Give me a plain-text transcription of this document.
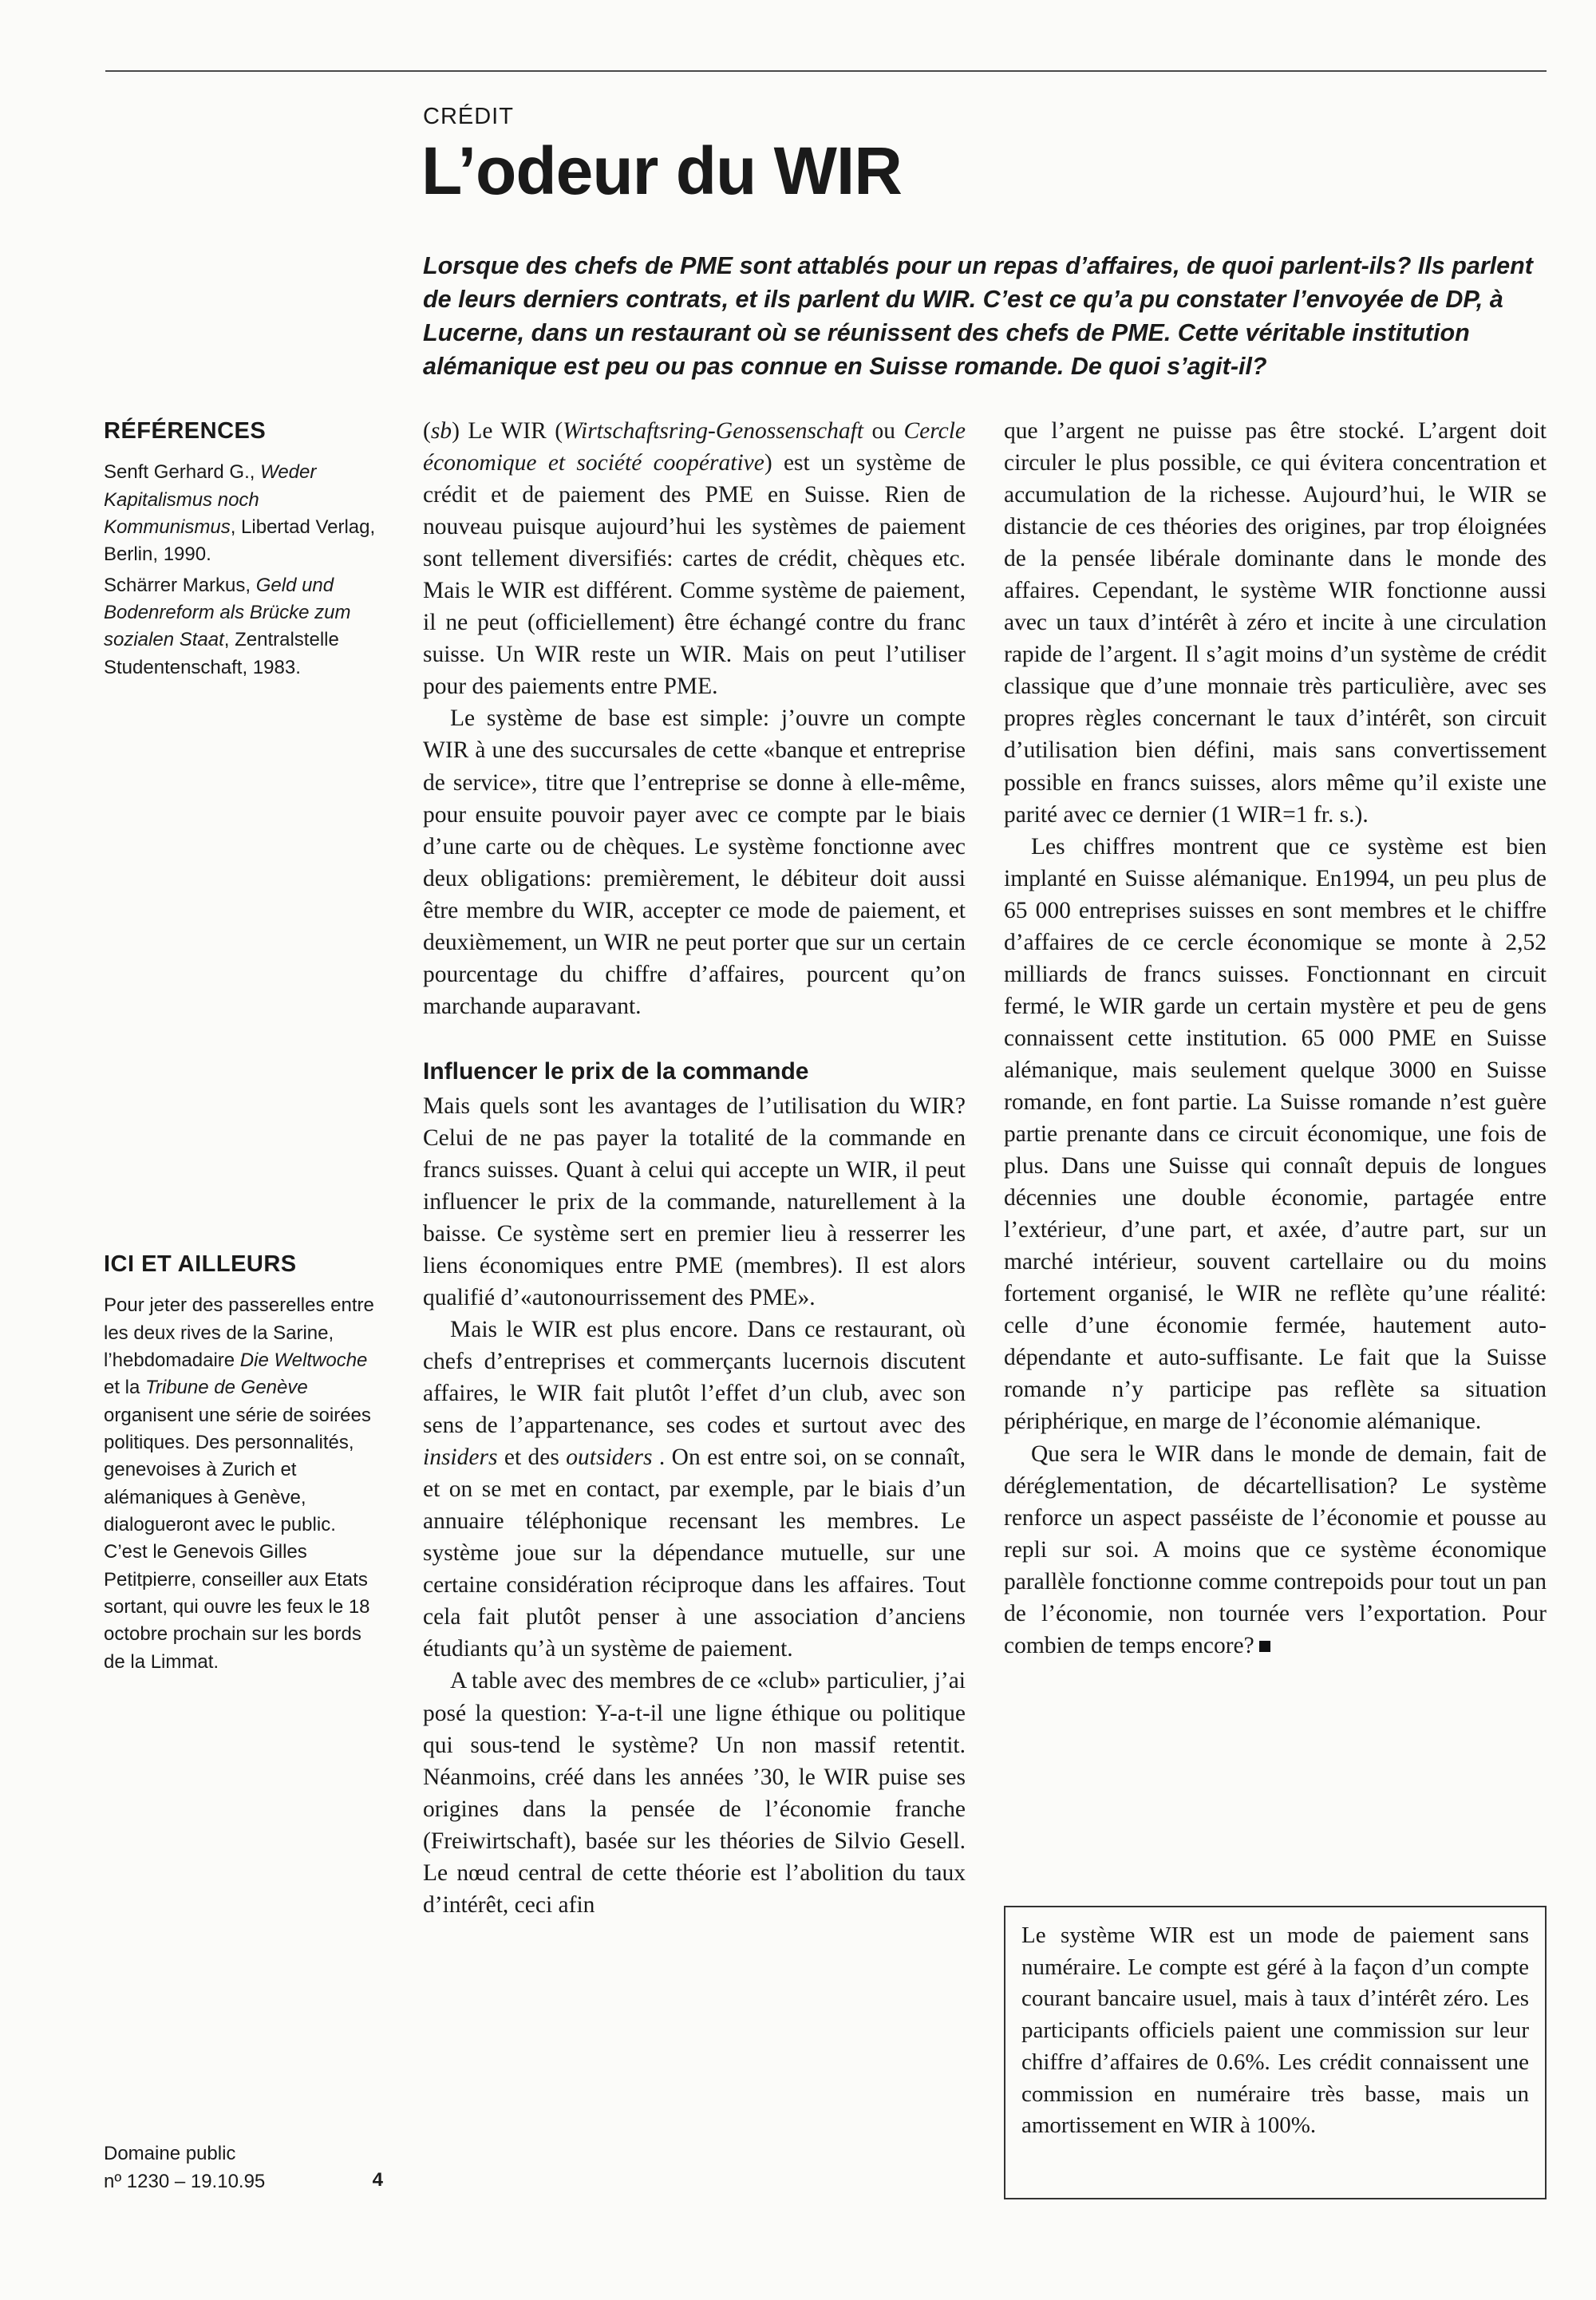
CRÉDIT
L’odeur du WIR

Lorsque des chefs de PME sont attablés pour un repas d’affaires, de quoi parlent-ils? Ils parlent de leurs derniers contrats, et ils parlent du WIR. C’est ce qu’a pu constater l’envoyée de DP, à Lucerne, dans un restaurant où se réunissent des chefs de PME. Cette véritable institution alémanique est peu ou pas connue en Suisse romande. De quoi s’agit-il?

RÉFÉRENCES

Senft Gerhard G., Weder Kapitalismus noch Kommunismus, Libertad Verlag, Berlin, 1990.

Schärrer Markus, Geld und Bodenreform als Brücke zum sozialen Staat, Zentralstelle Studentenschaft, 1983.

ICI ET AILLEURS

Pour jeter des passerelles entre les deux rives de la Sarine, l’hebdomadaire Die Weltwoche et la Tribune de Genève organisent une série de soirées politiques. Des personnalités, genevoises à Zurich et alémaniques à Genève, dialogueront avec le public. C’est le Genevois Gilles Petitpierre, conseiller aux Etats sortant, qui ouvre les feux le 18 octobre prochain sur les bords de la Limmat.

Domaine public
nº 1230 – 19.10.95	4

(sb) Le WIR (Wirtschaftsring-Genossenschaft ou Cercle économique et société coopérative) est un système de crédit et de paiement des PME en Suisse. Rien de nouveau puisque aujourd’hui les systèmes de paiement sont tellement diversifiés: cartes de crédit, chèques etc. Mais le WIR est différent. Comme système de paiement, il ne peut (officiellement) être échangé contre du franc suisse. Un WIR reste un WIR. Mais on peut l’utiliser pour des paiements entre PME.

Le système de base est simple: j’ouvre un compte WIR à une des succursales de cette «banque et entreprise de service», titre que l’entreprise se donne à elle-même, pour ensuite pouvoir payer avec ce compte par le biais d’une carte ou de chèques. Le système fonctionne avec deux obligations: premièrement, le débiteur doit aussi être membre du WIR, accepter ce mode de paiement, et deuxièmement, un WIR ne peut porter que sur un certain pourcentage du chiffre d’affaires, pourcent qu’on marchande auparavant.

Influencer le prix de la commande

Mais quels sont les avantages de l’utilisation du WIR? Celui de ne pas payer la totalité de la commande en francs suisses. Quant à celui qui accepte un WIR, il peut influencer le prix de la commande, naturellement à la baisse. Ce système sert en premier lieu à resserrer les liens économiques entre PME (membres). Il est alors qualifié d’«autonourrissement des PME».

Mais le WIR est plus encore. Dans ce restaurant, où chefs d’entreprises et commerçants lucernois discutent affaires, le WIR fait plutôt l’effet d’un club, avec son sens de l’appartenance, ses codes et surtout avec des insiders et des outsiders . On est entre soi, on se connaît, et on se met en contact, par exemple, par le biais d’un annuaire téléphonique recensant les membres. Le système joue sur la dépendance mutuelle, sur une certaine considération réciproque dans les affaires. Tout cela fait plutôt penser à une association d’anciens étudiants qu’à un système de paiement.

A table avec des membres de ce «club» particulier, j’ai posé la question: Y-a-t-il une ligne éthique ou politique qui sous-tend le système? Un non massif retentit. Néanmoins, créé dans les années ’30, le WIR puise ses origines dans la pensée de l’économie franche (Freiwirtschaft), basée sur les théories de Silvio Gesell. Le nœud central de cette théorie est l’abolition du taux d’intérêt, ceci afin

que l’argent ne puisse pas être stocké. L’argent doit circuler le plus possible, ce qui évitera concentration et accumulation de la richesse. Aujourd’hui, le WIR se distancie de ces théories des origines, par trop éloignées de la pensée libérale dominante dans le monde des affaires. Cependant, le système WIR fonctionne aussi avec un taux d’intérêt à zéro et incite à une circulation rapide de l’argent. Il s’agit moins d’un système de crédit classique que d’une monnaie très particulière, avec ses propres règles concernant le taux d’intérêt, son circuit d’utilisation bien défini, mais sans convertissement possible en francs suisses, alors même qu’il existe une parité avec ce dernier (1 WIR=1 fr. s.).

Les chiffres montrent que ce système est bien implanté en Suisse alémanique. En1994, un peu plus de 65 000 entreprises suisses en sont membres et le chiffre d’affaires de ce cercle économique se monte à 2,52 milliards de francs suisses. Fonctionnant en circuit fermé, le WIR garde un certain mystère et peu de gens connaissent cette institution. 65 000 PME en Suisse alémanique, mais seulement quelque 3000 en Suisse romande, en font partie. La Suisse romande n’est guère partie prenante dans ce circuit économique, une fois de plus. Dans une Suisse qui connaît depuis de longues décennies une double économie, partagée entre l’extérieur, d’une part, et axée, d’autre part, sur un marché intérieur, souvent cartellaire ou du moins fortement organisé, le WIR ne reflète qu’une réalité: celle d’une économie fermée, hautement auto-dépendante et auto-suffisante. Le fait que la Suisse romande n’y participe pas reflète sa situation périphérique, en marge de l’économie alémanique.

Que sera le WIR dans le monde de demain, fait de déréglementation, de décartellisation? Le système renforce un aspect passéiste de l’économie et pousse au repli sur soi. A moins que ce système économique parallèle fonctionne comme contrepoids pour tout un pan de l’économie, non tournée vers l’exportation. Pour combien de temps encore?

Le système WIR est un mode de paiement sans numéraire. Le compte est géré à la façon d’un compte courant bancaire usuel, mais à taux d’intérêt zéro. Les participants officiels paient une commission sur leur chiffre d’affaires de 0.6%. Les crédit connaissent une commission en numéraire très basse, mais un amortissement en WIR à 100%.
